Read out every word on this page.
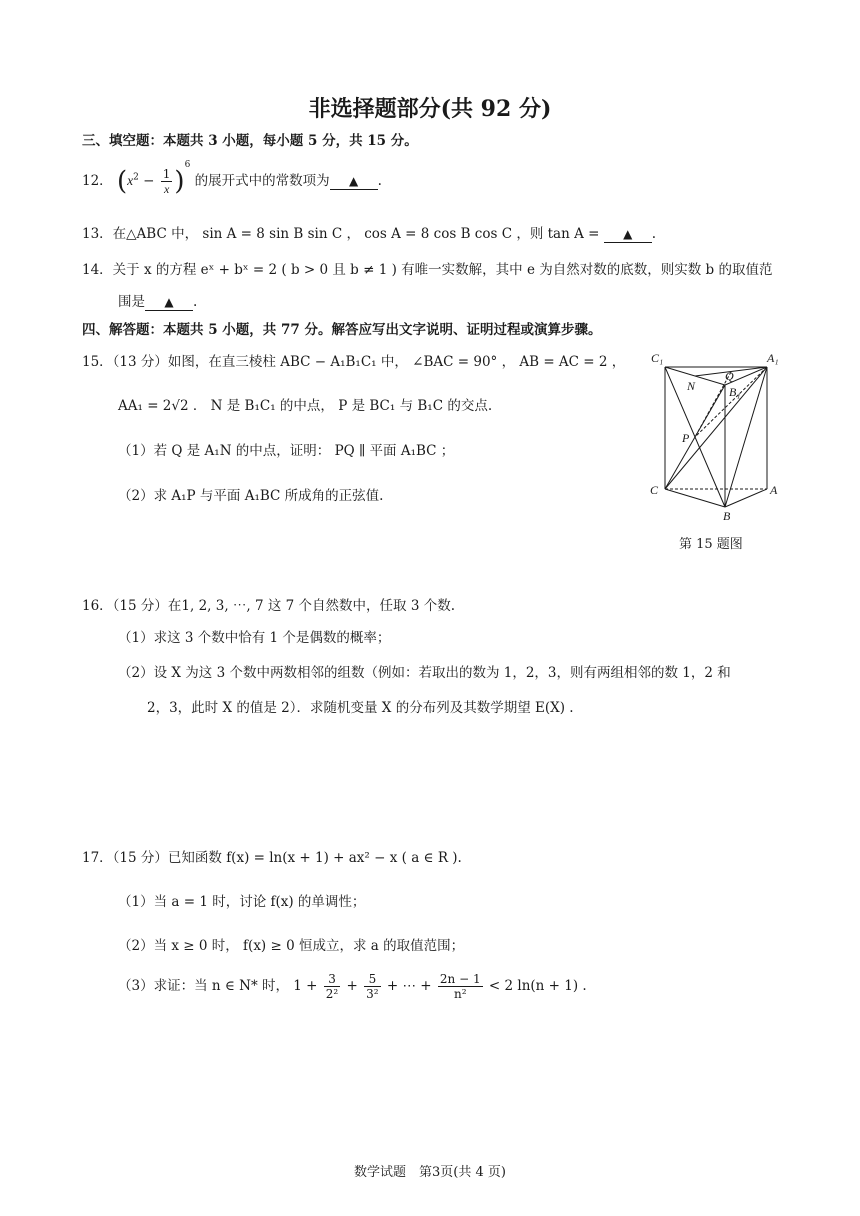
非选择题部分(共 92 分)
三、填空题：本题共 3 小题，每小题 5 分，共 15 分。
12． $(x^2 - \frac{1}{x} )^6$ 的展开式中的常数项为 ▲ .
13．在△ABC 中， sin A = 8 sin B sin C ， cos A = 8 cos B cos C ，则 tan A = ▲ .
14．关于 x 的方程 eˣ + bˣ = 2 ( b > 0 且 b ≠ 1 ) 有唯一实数解，其中 e 为自然对数的底数，则实数 b 的取值范
围是 ▲ .
四、解答题：本题共 5 小题，共 77 分。解答应写出文字说明、证明过程或演算步骤。
15．（13 分）如图，在直三棱柱 ABC − A₁B₁C₁ 中， ∠BAC = 90° ， AB = AC = 2 ，
AA₁ = 2√2 ． N 是 B₁C₁ 的中点， P 是 BC₁ 与 B₁C 的交点.
（1）若 Q 是 A₁N 的中点，证明： PQ ∥ 平面 A₁BC ；
（2）求 A₁P 与平面 A₁BC 所成角的正弦值.
C₁	A₁
N
Q
B₁
P
C	A
B
第 15 题图
16．（15 分）在1, 2, 3, ⋯, 7 这 7 个自然数中，任取 3 个数.
（1）求这 3 个数中恰有 1 个是偶数的概率；
（2）设 X 为这 3 个数中两数相邻的组数（例如：若取出的数为 1，2，3，则有两组相邻的数 1，2 和
2，3，此时 X 的值是 2）．求随机变量 X 的分布列及其数学期望 E(X) .
17．（15 分）已知函数 f(x) = ln(x + 1) + ax² − x ( a ∈ R ).
（1）当 a = 1 时，讨论 f(x) 的单调性；
（2）当 x ≥ 0 时， f(x) ≥ 0 恒成立，求 a 的取值范围；
（3）求证：当 n ∈ N* 时， $1 + \frac{3}{\text{2²}} + \frac{5}{\text{3²}}$ + ⋯ + $\frac{2n - 1}{\text{n²}} < 2$ ln(n + 1) .
数学试题　第3页(共 4 页)
